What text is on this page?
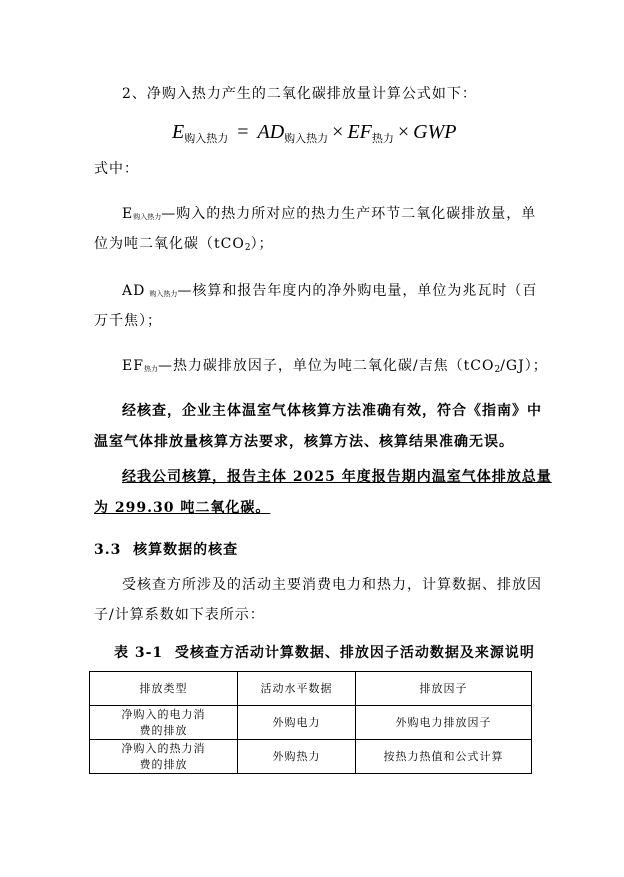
2、净购入热力产生的二氧化碳排放量计算公式如下：
$E_{购入热力} = AD_{购入热力} \times EF_{热力}$ × GWP
式中：
$E_{购入热力}—$购入的热力所对应的热力生产环节二氧化碳排放量，单
位为吨二氧化碳（tCO$_2$）；
AD $_{购入热力}$—核算和报告年度内的净外购电量，单位为兆瓦时（百
万千焦）；
$EF_{热力}—$热力碳排放因子，单位为吨二氧化碳/吉焦（tCO$_2$/GJ）；
经核查，企业主体温室气体核算方法准确有效，符合《指南》中
温室气体排放量核算方法要求，核算方法、核算结果准确无误。
经我公司核算，报告主体 2025 年度报告期内温室气体排放总量
为 299.30 吨二氧化碳。
3.3 核算数据的核查
受核查方所涉及的活动主要消费电力和热力，计算数据、排放因
子/计算系数如下表所示：
表 3-1 受核查方活动计算数据、排放因子活动数据及来源说明
排放类型	活动水平数据	排放因子

净购入的电力消
费的排放	外购电力	外购电力排放因子

净购入的热力消
费的排放	外购热力	按热力热值和公式计算
